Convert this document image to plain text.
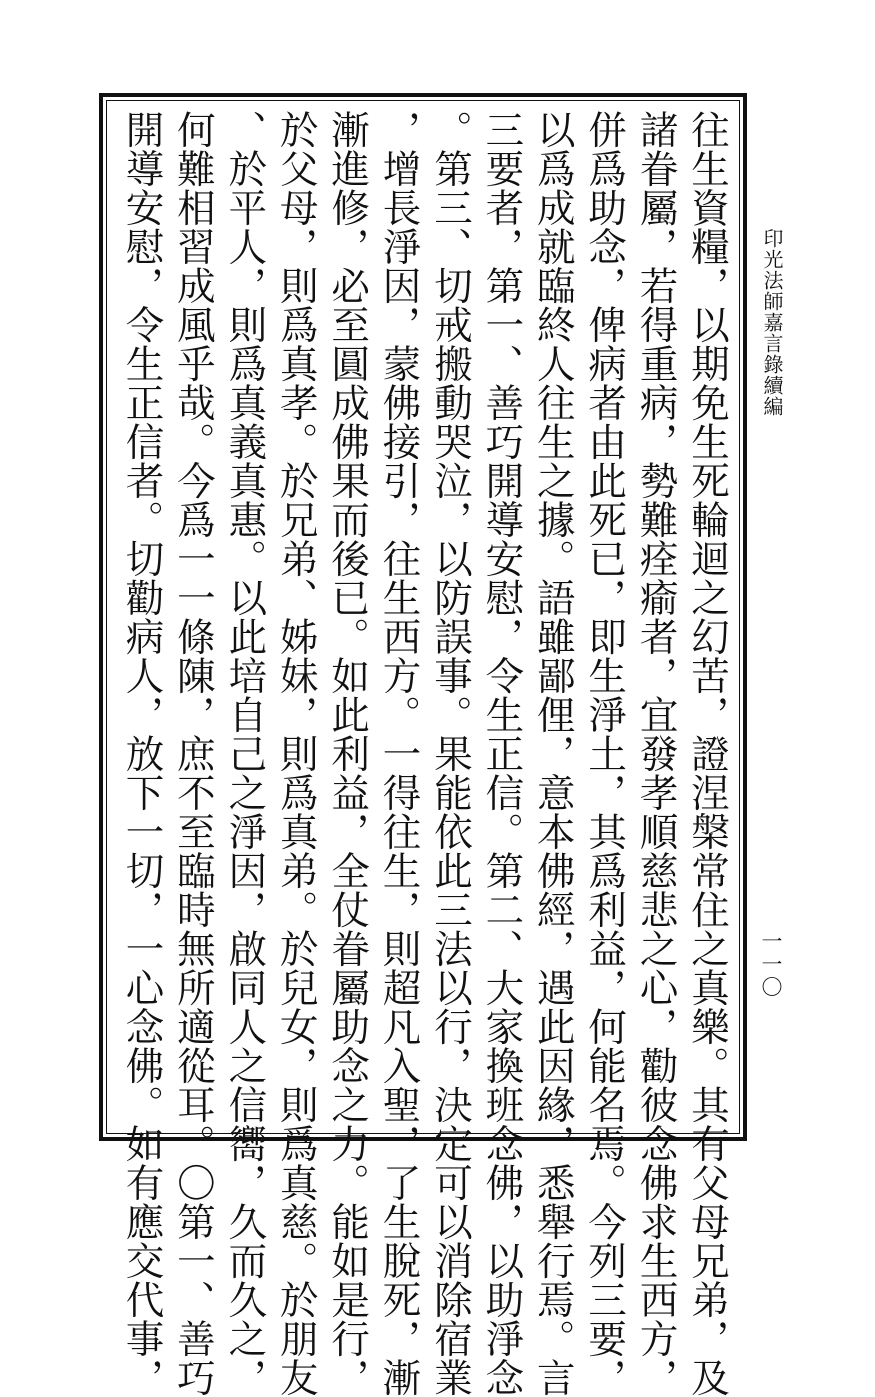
往生資糧，以期免生死輪迴之幻苦，證涅槃常住之真樂。其有父母兄弟，及
諸眷屬，若得重病，勢難痊瘉者，宜發孝順慈悲之心，勸彼念佛求生西方，
併爲助念，俾病者由此死已，即生淨土，其爲利益，何能名焉。今列三要，
以爲成就臨終人往生之據。語雖鄙俚，意本佛經，遇此因緣，悉舉行焉。言
三要者，第一、善巧開導安慰，令生正信。第二、大家換班念佛，以助淨念
。第三、切戒搬動哭泣，以防誤事。果能依此三法以行，決定可以消除宿業
，增長淨因，蒙佛接引，往生西方。一得往生，則超凡入聖，了生脫死，漸
漸進修，必至圓成佛果而後已。如此利益，全仗眷屬助念之力。能如是行，
於父母，則爲真孝。於兄弟、姊妹，則爲真弟。於兒女，則爲真慈。於朋友
、於平人，則爲真義真惠。以此培自己之淨因，啟同人之信嚮，久而久之，
何難相習成風乎哉。今爲一一條陳，庶不至臨時無所適從耳。〇第一、善巧
開導安慰，令生正信者。切勸病人，放下一切，一心念佛。如有應交代事，	印光法師嘉言錄續編
一一〇
